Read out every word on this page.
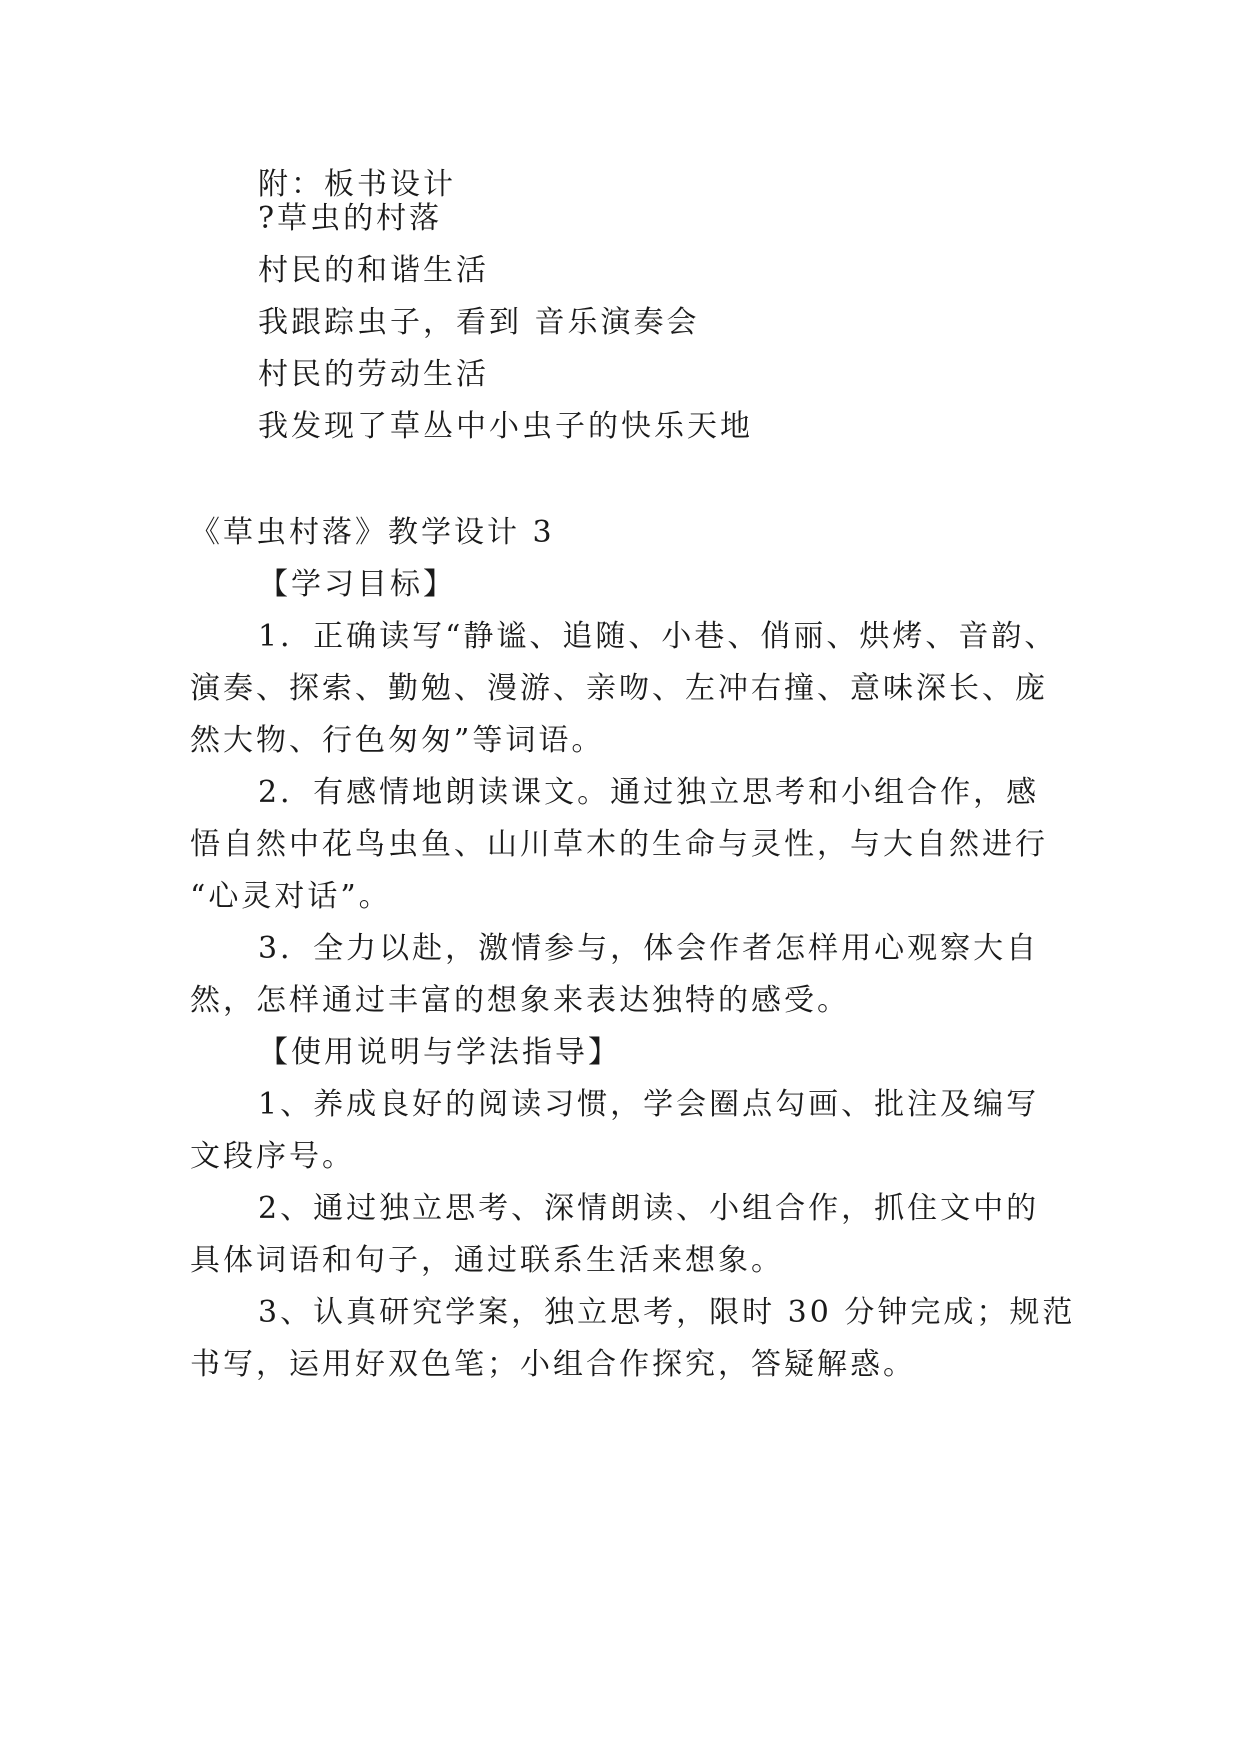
附：板书设计
?草虫的村落
村民的和谐生活
我跟踪虫子，看到 音乐演奏会
村民的劳动生活
我发现了草丛中小虫子的快乐天地
《草虫村落》教学设计 3
【学习目标】
1．正确读写“静谧、追随、小巷、俏丽、烘烤、音韵、
演奏、探索、勤勉、漫游、亲吻、左冲右撞、意味深长、庞
然大物、行色匆匆”等词语。
2．有感情地朗读课文。通过独立思考和小组合作，感
悟自然中花鸟虫鱼、山川草木的生命与灵性，与大自然进行
“心灵对话”。
3．全力以赴，激情参与，体会作者怎样用心观察大自
然，怎样通过丰富的想象来表达独特的感受。
【使用说明与学法指导】
1、养成良好的阅读习惯，学会圈点勾画、批注及编写
文段序号。
2、通过独立思考、深情朗读、小组合作，抓住文中的
具体词语和句子，通过联系生活来想象。
3、认真研究学案，独立思考，限时 30 分钟完成；规范
书写，运用好双色笔；小组合作探究，答疑解惑。
